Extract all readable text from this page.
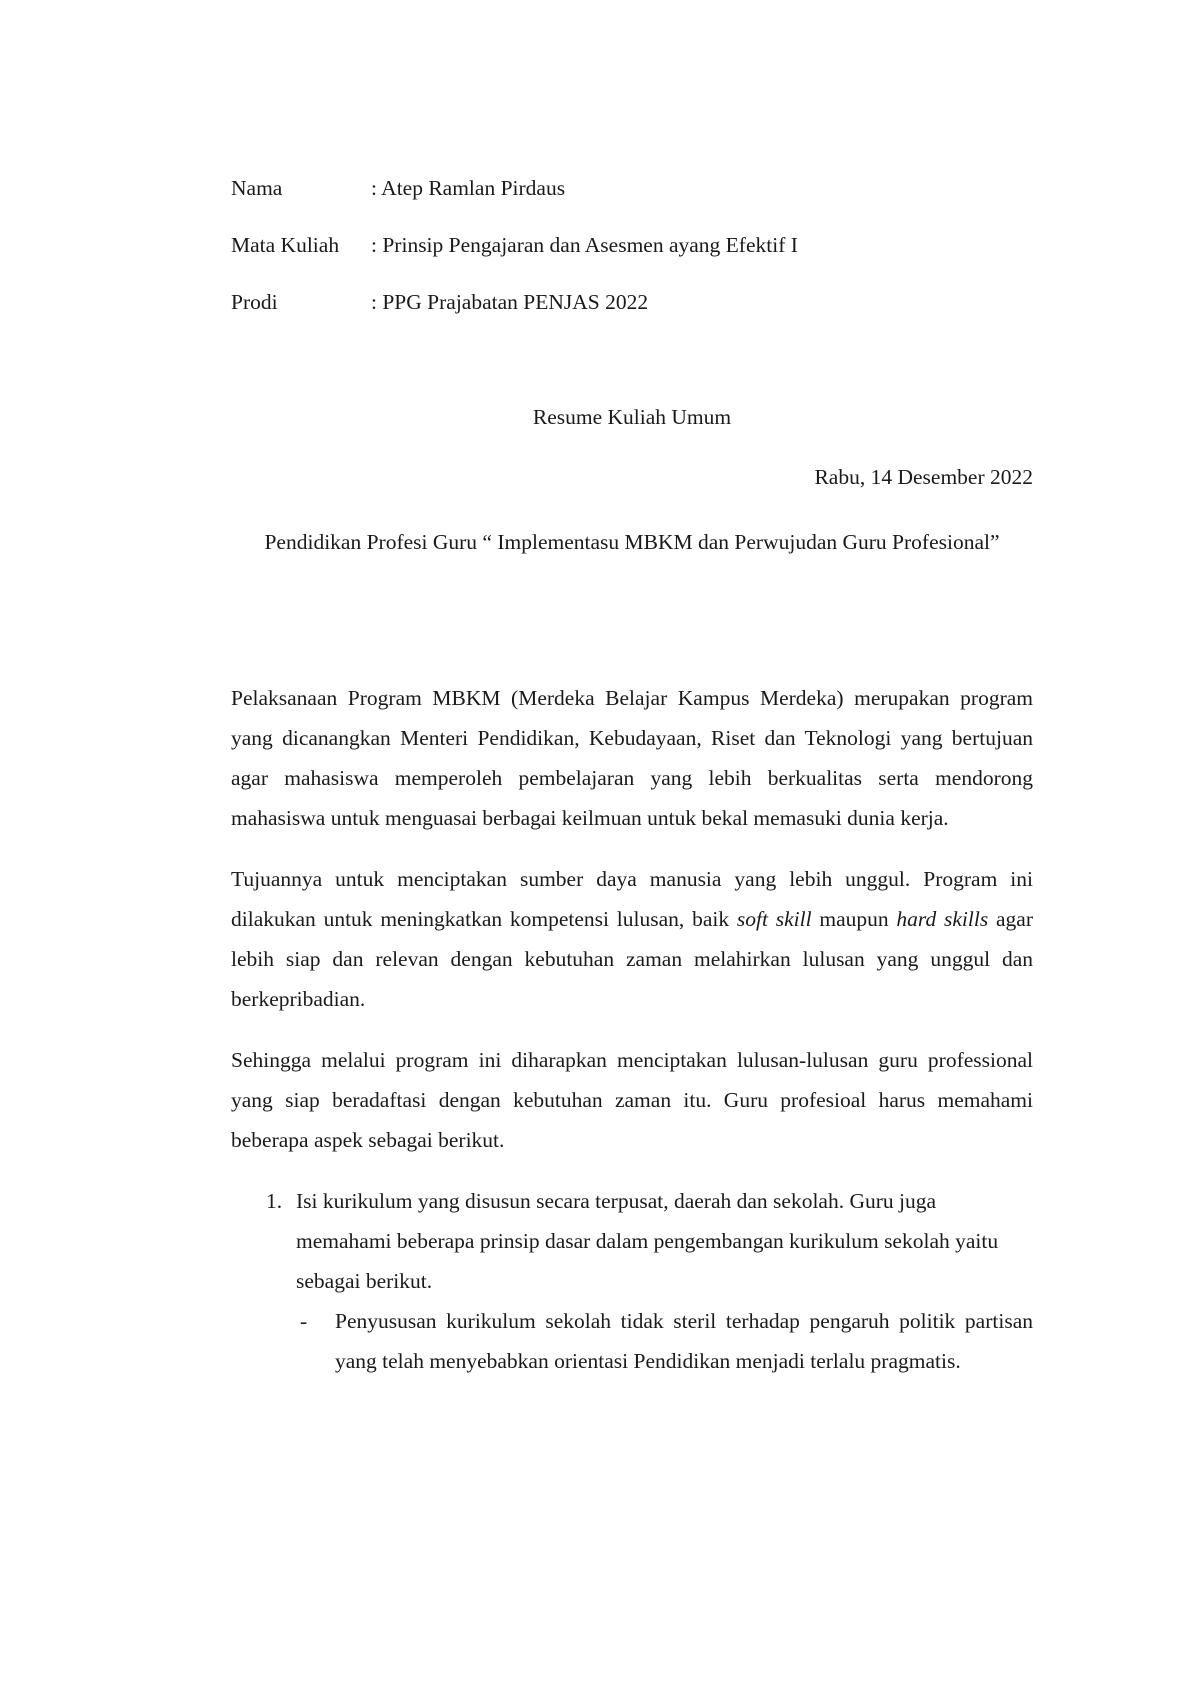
Nama	: Atep Ramlan Pirdaus
Mata Kuliah	: Prinsip Pengajaran dan Asesmen ayang Efektif I
Prodi	: PPG Prajabatan PENJAS 2022
Resume Kuliah Umum
Rabu, 14 Desember 2022
Pendidikan Profesi Guru “ Implementasu MBKM dan Perwujudan Guru Profesional”

Pelaksanaan Program MBKM (Merdeka Belajar Kampus Merdeka) merupakan program yang dicanangkan Menteri Pendidikan, Kebudayaan, Riset dan Teknologi yang bertujuan agar mahasiswa memperoleh pembelajaran yang lebih berkualitas serta mendorong mahasiswa untuk menguasai berbagai keilmuan untuk bekal memasuki dunia kerja.

Tujuannya untuk menciptakan sumber daya manusia yang lebih unggul. Program ini dilakukan untuk meningkatkan kompetensi lulusan, baik soft skill maupun hard skills agar lebih siap dan relevan dengan kebutuhan zaman melahirkan lulusan yang unggul dan berkepribadian.

Sehingga melalui program ini diharapkan menciptakan lulusan-lulusan guru professional yang siap beradaftasi dengan kebutuhan zaman itu. Guru profesioal harus memahami beberapa aspek sebagai berikut.

1. Isi kurikulum yang disusun secara terpusat, daerah dan sekolah. Guru juga memahami beberapa prinsip dasar dalam pengembangan kurikulum sekolah yaitu sebagai berikut.
-	Penyususan kurikulum sekolah tidak steril terhadap pengaruh politik partisan yang telah menyebabkan orientasi Pendidikan menjadi terlalu pragmatis.
